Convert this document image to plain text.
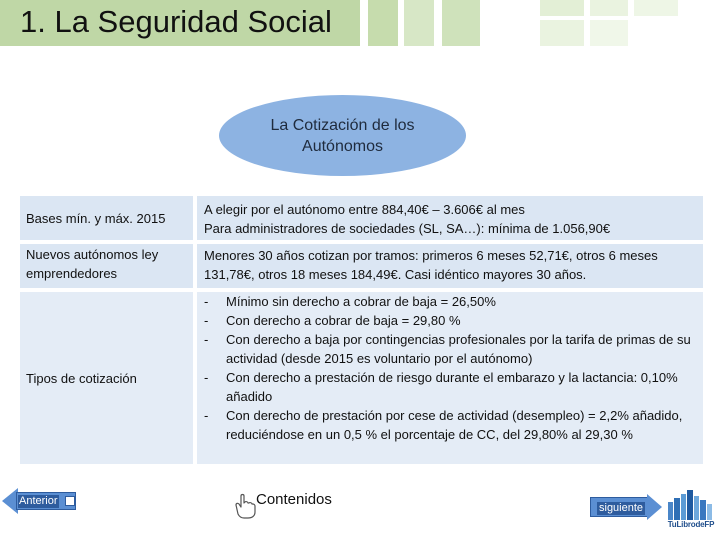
1. La Seguridad Social
La Cotización de los Autónomos
Bases mín. y máx. 2015
A elegir por el autónomo entre 884,40€ – 3.606€ al mes
Para administradores de sociedades (SL, SA…): mínima de 1.056,90€
Nuevos autónomos ley emprendedores
Menores 30 años cotizan por tramos: primeros 6 meses 52,71€, otros 6 meses 131,78€, otros 18 meses 184,49€. Casi idéntico mayores 30 años.
Tipos de cotización
- Mínimo sin derecho a cobrar de baja = 26,50%
- Con derecho a cobrar de baja = 29,80 %
- Con derecho a baja por contingencias profesionales por la tarifa de primas de su actividad (desde 2015 es voluntario por el autónomo)
- Con derecho a prestación de riesgo durante el embarazo y la lactancia: 0,10% añadido
- Con derecho de prestación por cese de actividad (desempleo) = 2,2% añadido, reduciéndose en un 0,5 % el porcentaje de CC, del 29,80% al 29,30 %
Anterior	Contenidos	siguiente
TuLibrodeFP
